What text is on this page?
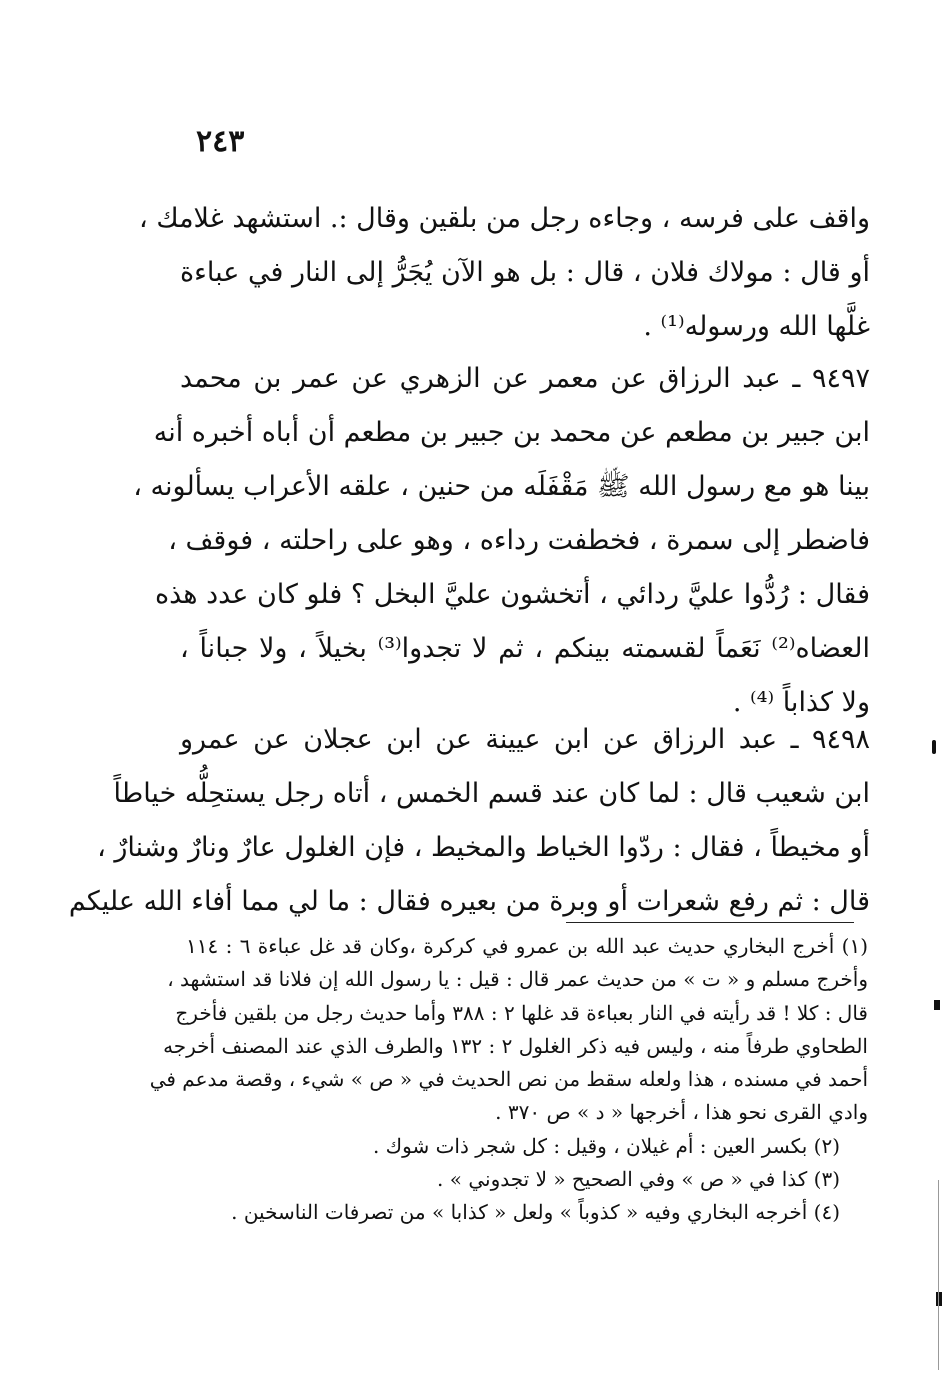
٢٤٣
واقف على فرسه ، وجاءه رجل من بلقين وقال :. استشهد غلامك ،
أو قال : مولاك فلان ، قال : بل هو الآن يُجَرُّ إلى النار في عباءة
غلَّها الله ورسوله⁽¹⁾ .
٩٤٩٧ ـ عبد الرزاق عن معمر عن الزهري عن عمر بن محمد
ابن جبير بن مطعم عن محمد بن جبير بن مطعم أن أباه أخبره أنه
بينا هو مع رسول الله ﷺ مَقْفَلَه من حنين ، علقه الأعراب يسألونه ،
فاضطر إلى سمرة ، فخطفت رداءه ، وهو على راحلته ، فوقف ،
فقال : رُدُّوا عليَّ ردائي ، أتخشون عليَّ البخل ؟ فلو كان عدد هذه
العضاه⁽²⁾ نَعَماً لقسمته بينكم ، ثم لا تجدوا⁽³⁾ بخيلاً ، ولا جباناً ،
ولا كذاباً ⁽⁴⁾ .
٩٤٩٨ ـ عبد الرزاق عن ابن عيينة عن ابن عجلان عن عمرو
ابن شعيب قال : لما كان عند قسم الخمس ، أتاه رجل يستحِلُّه خياطاً
أو مخيطاً ، فقال : ردّوا الخياط والمخيط ، فإن الغلول عارٌ ونارٌ وشنارٌ ،
قال : ثم رفع شعرات أو وبرة من بعيره فقال : ما لي مما أفاء الله عليكم
(١) أخرج البخاري حديث عبد الله بن عمرو في كركرة ،وكان قد غل عباءة ٦ : ١١٤
وأخرج مسلم و « ت » من حديث عمر قال : قيل : يا رسول الله إن فلانا قد استشهد ،
قال : كلا ! قد رأيته في النار بعباءة قد غلها ٢ : ٣٨٨ وأما حديث رجل من بلقين فأخرج
الطحاوي طرفاً منه ، وليس فيه ذكر الغلول ٢ : ١٣٢ والطرف الذي عند المصنف أخرجه
أحمد في مسنده ، هذا ولعله سقط من نص الحديث في « ص » شيء ، وقصة مدعم في
وادي القرى نحو هذا ، أخرجها « د » ص ٣٧٠ .
(٢) بكسر العين : أم غيلان ، وقيل : كل شجر ذات شوك .
(٣) كذا في « ص » وفي الصحيح « لا تجدوني » .
(٤) أخرجه البخاري وفيه « كذوباً » ولعل « كذابا » من تصرفات الناسخين .
